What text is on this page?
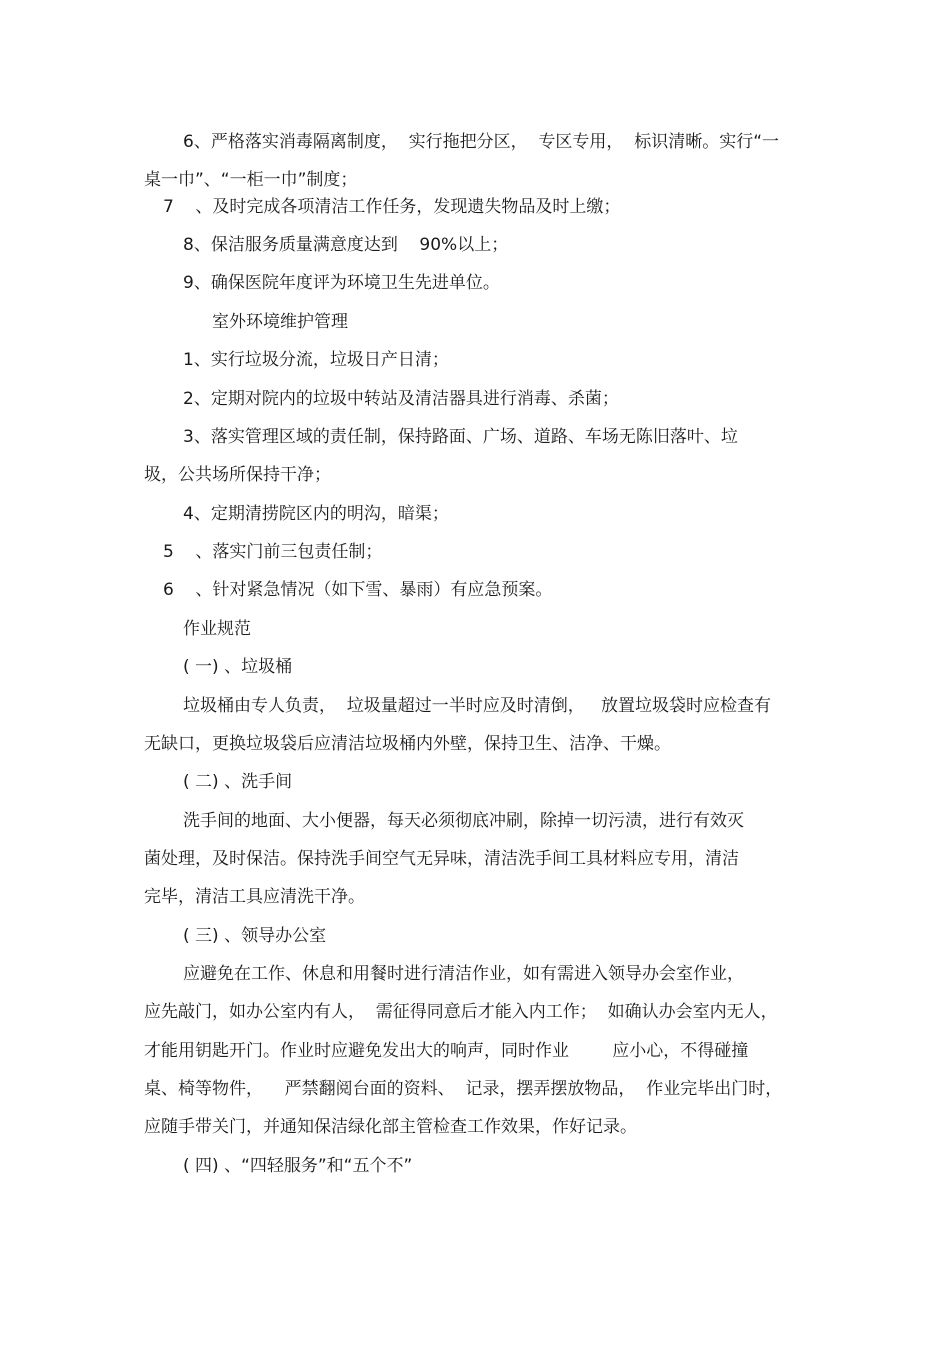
6、严格落实消毒隔离制度，  实行拖把分区，  专区专用，  标识清晰。实行“一

桌一巾”、“一柜一巾”制度；

7    、及时完成各项清洁工作任务，发现遗失物品及时上缴；

8、保洁服务质量满意度达到    90%以上；

9、确保医院年度评为环境卫生先进单位。

室外环境维护管理

1、实行垃圾分流，垃圾日产日清；

2、定期对院内的垃圾中转站及清洁器具进行消毒、杀菌；

3、落实管理区域的责任制，保持路面、广场、道路、车场无陈旧落叶、垃

圾，公共场所保持干净；

4、定期清捞院区内的明沟，暗渠；

5    、落实门前三包责任制；

6    、针对紧急情况（如下雪、暴雨）有应急预案。

作业规范

( 一) 、垃圾桶

垃圾桶由专人负责，  垃圾量超过一半时应及时清倒，   放置垃圾袋时应检查有

无缺口，更换垃圾袋后应清洁垃圾桶内外壁，保持卫生、洁净、干燥。

( 二) 、洗手间

洗手间的地面、大小便器，每天必须彻底冲刷，除掉一切污渍，进行有效灭

菌处理，及时保洁。保持洗手间空气无异味，清洁洗手间工具材料应专用，清洁

完毕，清洁工具应清洗干净。

( 三) 、领导办公室

应避免在工作、休息和用餐时进行清洁作业，如有需进入领导办会室作业，

应先敲门，如办公室内有人，  需征得同意后才能入内工作；  如确认办会室内无人，

才能用钥匙开门。作业时应避免发出大的响声，同时作业        应小心，不得碰撞

桌、椅等物件，    严禁翻阅台面的资料、  记录，摆弄摆放物品，  作业完毕出门时，

应随手带关门，并通知保洁绿化部主管检查工作效果，作好记录。

( 四) 、“四轻服务”和“五个不”
